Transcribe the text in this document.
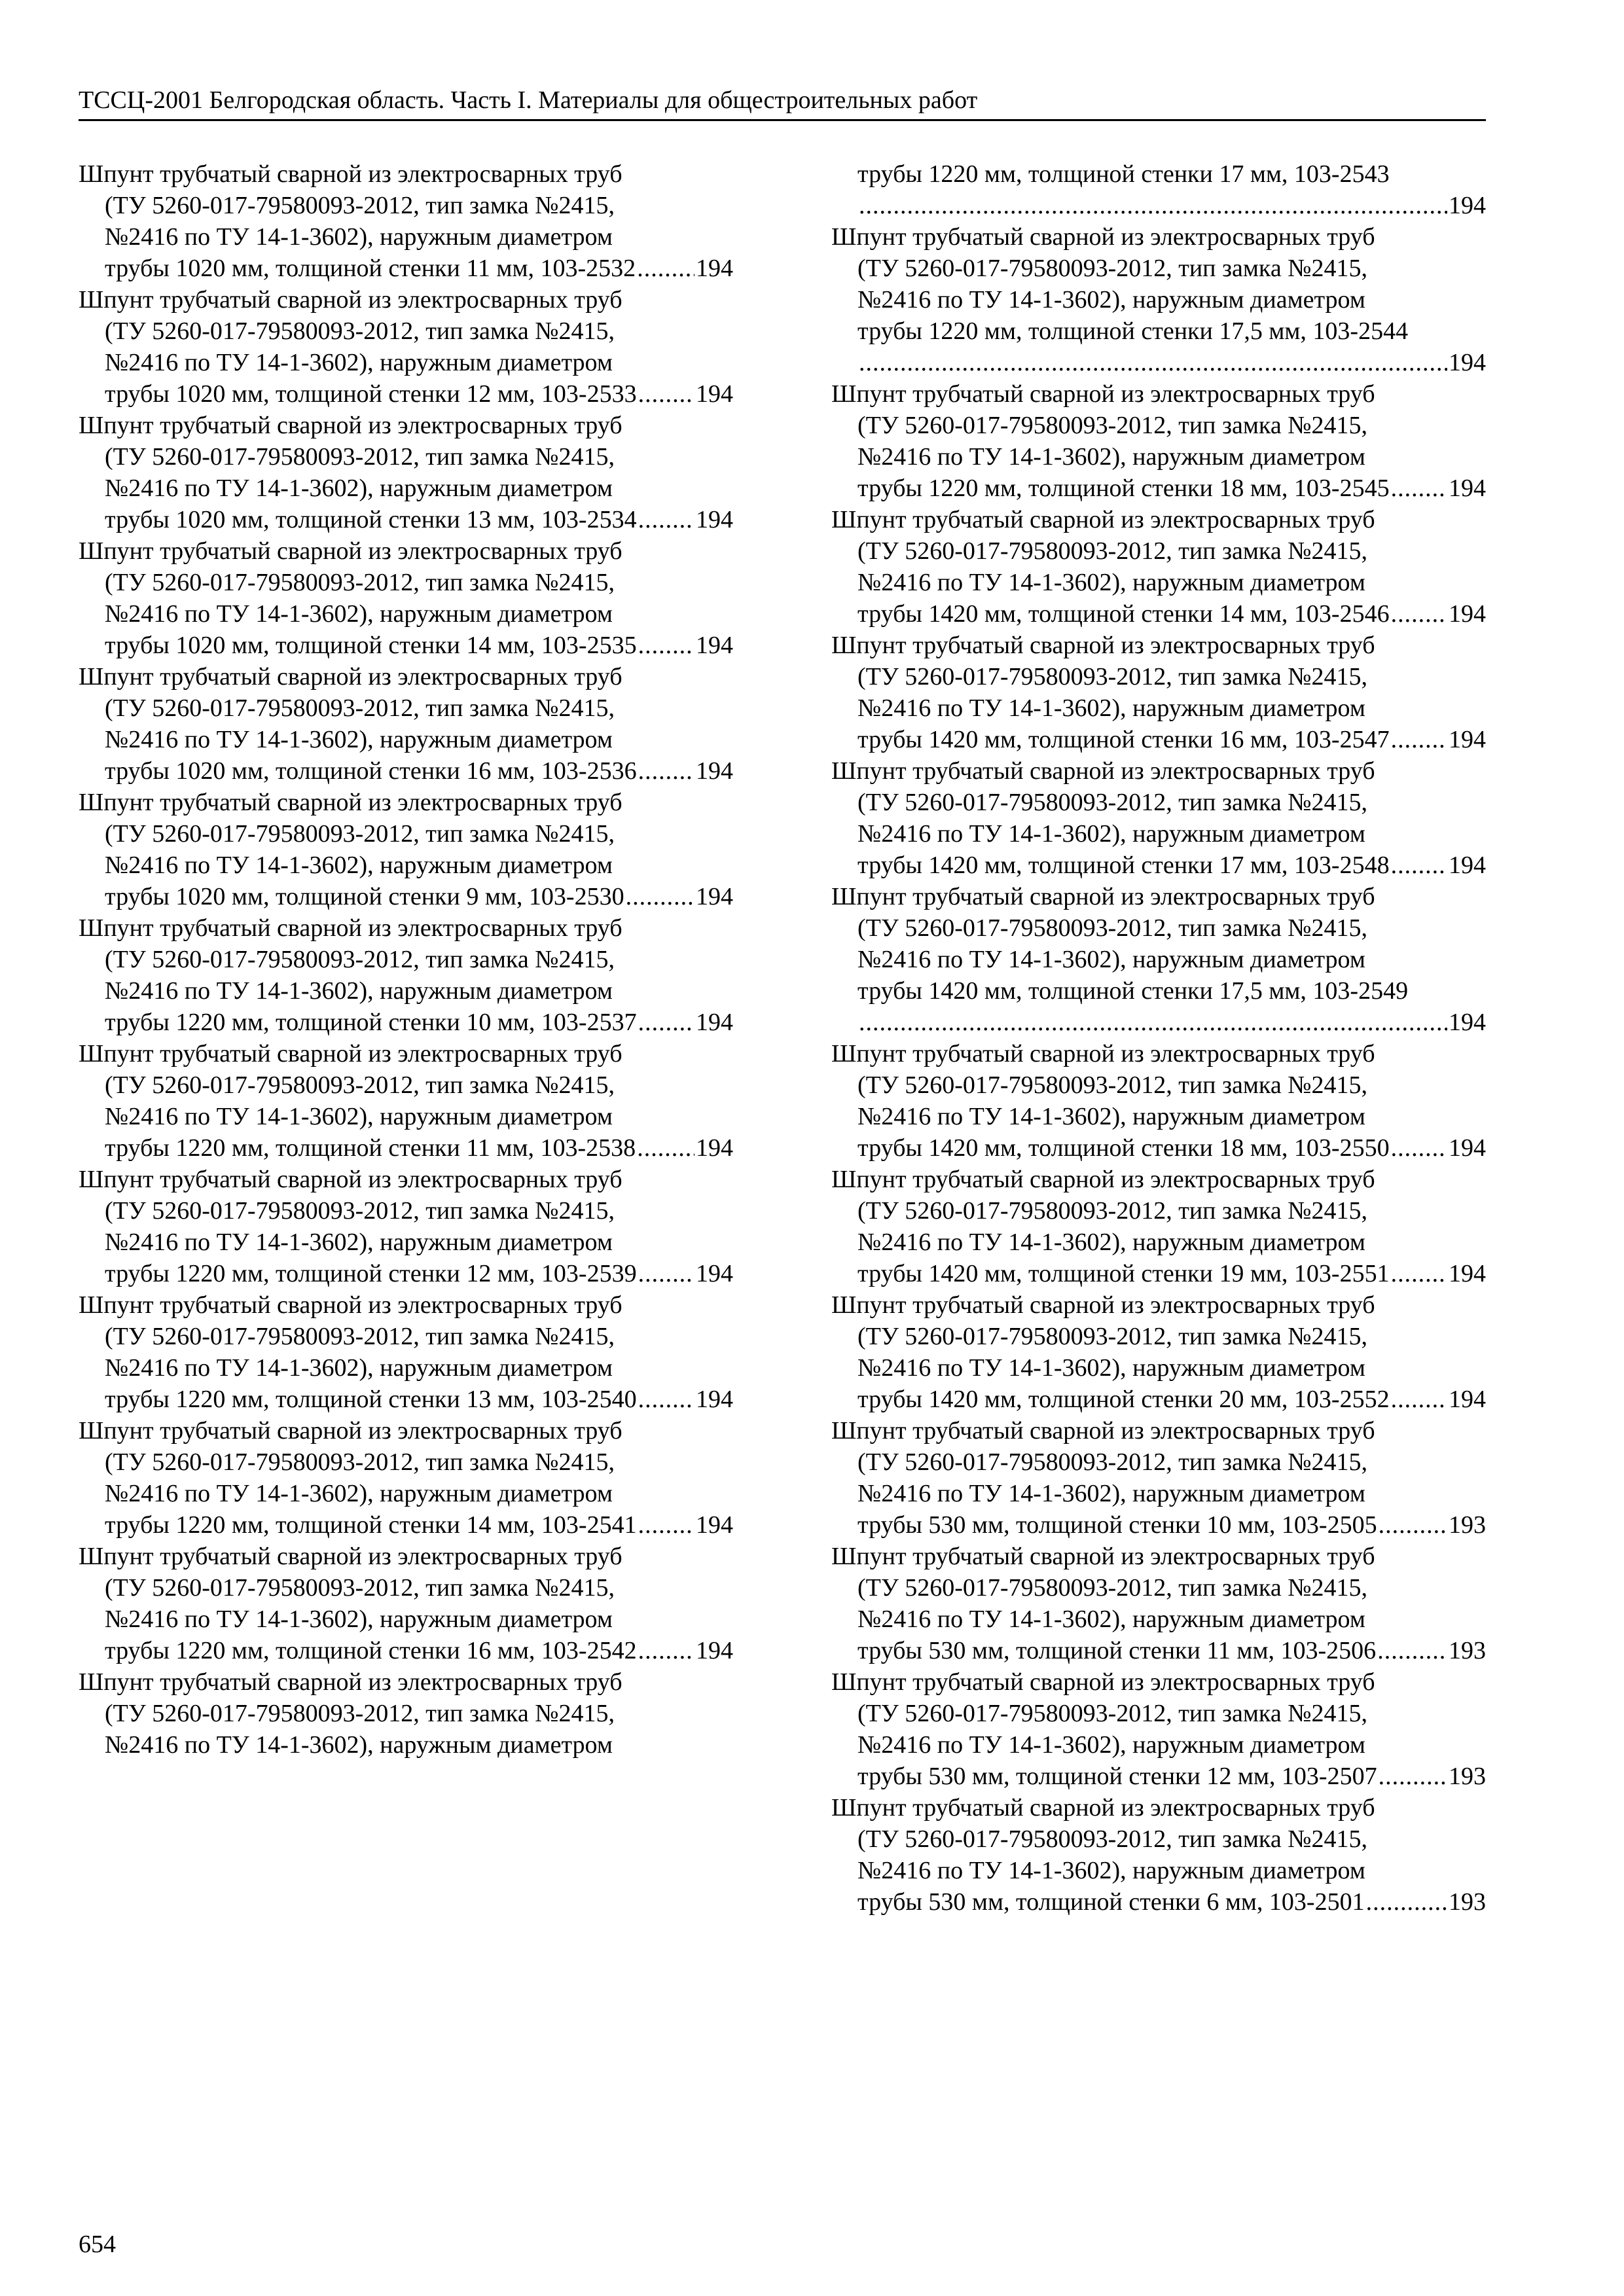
ТССЦ-2001 Белгородская область. Часть I. Материалы для общестроительных работ
Шпунт трубчатый сварной из электросварных труб
(ТУ 5260-017-79580093-2012, тип замка №2415,
№2416 по ТУ 14-1-3602), наружным диаметром
трубы 1020 мм, толщиной стенки 11 мм, 103-2532 ..... 194
Шпунт трубчатый сварной из электросварных труб
(ТУ 5260-017-79580093-2012, тип замка №2415,
№2416 по ТУ 14-1-3602), наружным диаметром
трубы 1020 мм, толщиной стенки 12 мм, 103-2533 ..... 194
Шпунт трубчатый сварной из электросварных труб
(ТУ 5260-017-79580093-2012, тип замка №2415,
№2416 по ТУ 14-1-3602), наружным диаметром
трубы 1020 мм, толщиной стенки 13 мм, 103-2534 ..... 194
Шпунт трубчатый сварной из электросварных труб
(ТУ 5260-017-79580093-2012, тип замка №2415,
№2416 по ТУ 14-1-3602), наружным диаметром
трубы 1020 мм, толщиной стенки 14 мм, 103-2535 ..... 194
Шпунт трубчатый сварной из электросварных труб
(ТУ 5260-017-79580093-2012, тип замка №2415,
№2416 по ТУ 14-1-3602), наружным диаметром
трубы 1020 мм, толщиной стенки 16 мм, 103-2536 ..... 194
Шпунт трубчатый сварной из электросварных труб
(ТУ 5260-017-79580093-2012, тип замка №2415,
№2416 по ТУ 14-1-3602), наружным диаметром
трубы 1020 мм, толщиной стенки 9 мм, 103-2530 .....	194
Шпунт трубчатый сварной из электросварных труб
(ТУ 5260-017-79580093-2012, тип замка №2415,
№2416 по ТУ 14-1-3602), наружным диаметром
трубы 1220 мм, толщиной стенки 10 мм, 103-2537 ..... 194
Шпунт трубчатый сварной из электросварных труб
(ТУ 5260-017-79580093-2012, тип замка №2415,
№2416 по ТУ 14-1-3602), наружным диаметром
трубы 1220 мм, толщиной стенки 11 мм, 103-2538 ..... 194
Шпунт трубчатый сварной из электросварных труб
(ТУ 5260-017-79580093-2012, тип замка №2415,
№2416 по ТУ 14-1-3602), наружным диаметром
трубы 1220 мм, толщиной стенки 12 мм, 103-2539 ..... 194
Шпунт трубчатый сварной из электросварных труб
(ТУ 5260-017-79580093-2012, тип замка №2415,
№2416 по ТУ 14-1-3602), наружным диаметром
трубы 1220 мм, толщиной стенки 13 мм, 103-2540 ..... 194
Шпунт трубчатый сварной из электросварных труб
(ТУ 5260-017-79580093-2012, тип замка №2415,
№2416 по ТУ 14-1-3602), наружным диаметром
трубы 1220 мм, толщиной стенки 14 мм, 103-2541 ..... 194
Шпунт трубчатый сварной из электросварных труб
(ТУ 5260-017-79580093-2012, тип замка №2415,
№2416 по ТУ 14-1-3602), наружным диаметром
трубы 1220 мм, толщиной стенки 16 мм, 103-2542 ..... 194
Шпунт трубчатый сварной из электросварных труб
(ТУ 5260-017-79580093-2012, тип замка №2415,
№2416 по ТУ 14-1-3602), наружным диаметром
трубы 1220 мм, толщиной стенки 17 мм, 103-2543
.....
194
Шпунт трубчатый сварной из электросварных труб
(ТУ 5260-017-79580093-2012, тип замка №2415,
№2416 по ТУ 14-1-3602), наружным диаметром
трубы 1220 мм, толщиной стенки 17,5 мм, 103-2544
.....
194
Шпунт трубчатый сварной из электросварных труб
(ТУ 5260-017-79580093-2012, тип замка №2415,
№2416 по ТУ 14-1-3602), наружным диаметром
трубы 1220 мм, толщиной стенки 18 мм, 103-2545 ..... 194
Шпунт трубчатый сварной из электросварных труб
(ТУ 5260-017-79580093-2012, тип замка №2415,
№2416 по ТУ 14-1-3602), наружным диаметром
трубы 1420 мм, толщиной стенки 14 мм, 103-2546 ..... 194
Шпунт трубчатый сварной из электросварных труб
(ТУ 5260-017-79580093-2012, тип замка №2415,
№2416 по ТУ 14-1-3602), наружным диаметром
трубы 1420 мм, толщиной стенки 16 мм, 103-2547 ..... 194
Шпунт трубчатый сварной из электросварных труб
(ТУ 5260-017-79580093-2012, тип замка №2415,
№2416 по ТУ 14-1-3602), наружным диаметром
трубы 1420 мм, толщиной стенки 17 мм, 103-2548 ..... 194
Шпунт трубчатый сварной из электросварных труб
(ТУ 5260-017-79580093-2012, тип замка №2415,
№2416 по ТУ 14-1-3602), наружным диаметром
трубы 1420 мм, толщиной стенки 17,5 мм, 103-2549
.....
194
Шпунт трубчатый сварной из электросварных труб
(ТУ 5260-017-79580093-2012, тип замка №2415,
№2416 по ТУ 14-1-3602), наружным диаметром
трубы 1420 мм, толщиной стенки 18 мм, 103-2550 ..... 194
Шпунт трубчатый сварной из электросварных труб
(ТУ 5260-017-79580093-2012, тип замка №2415,
№2416 по ТУ 14-1-3602), наружным диаметром
трубы 1420 мм, толщиной стенки 19 мм, 103-2551 ..... 194
Шпунт трубчатый сварной из электросварных труб
(ТУ 5260-017-79580093-2012, тип замка №2415,
№2416 по ТУ 14-1-3602), наружным диаметром
трубы 1420 мм, толщиной стенки 20 мм, 103-2552 ..... 194
Шпунт трубчатый сварной из электросварных труб
(ТУ 5260-017-79580093-2012, тип замка №2415,
№2416 по ТУ 14-1-3602), наружным диаметром
трубы 530 мм, толщиной стенки 10 мм, 103-2505 .....	193
Шпунт трубчатый сварной из электросварных труб
(ТУ 5260-017-79580093-2012, тип замка №2415,
№2416 по ТУ 14-1-3602), наружным диаметром
трубы 530 мм, толщиной стенки 11 мм, 103-2506 .....	193
Шпунт трубчатый сварной из электросварных труб
(ТУ 5260-017-79580093-2012, тип замка №2415,
№2416 по ТУ 14-1-3602), наружным диаметром
трубы 530 мм, толщиной стенки 12 мм, 103-2507 .....	193
Шпунт трубчатый сварной из электросварных труб
(ТУ 5260-017-79580093-2012, тип замка №2415,
№2416 по ТУ 14-1-3602), наружным диаметром
трубы 530 мм, толщиной стенки 6 мм, 103-2501 .....	193
654
